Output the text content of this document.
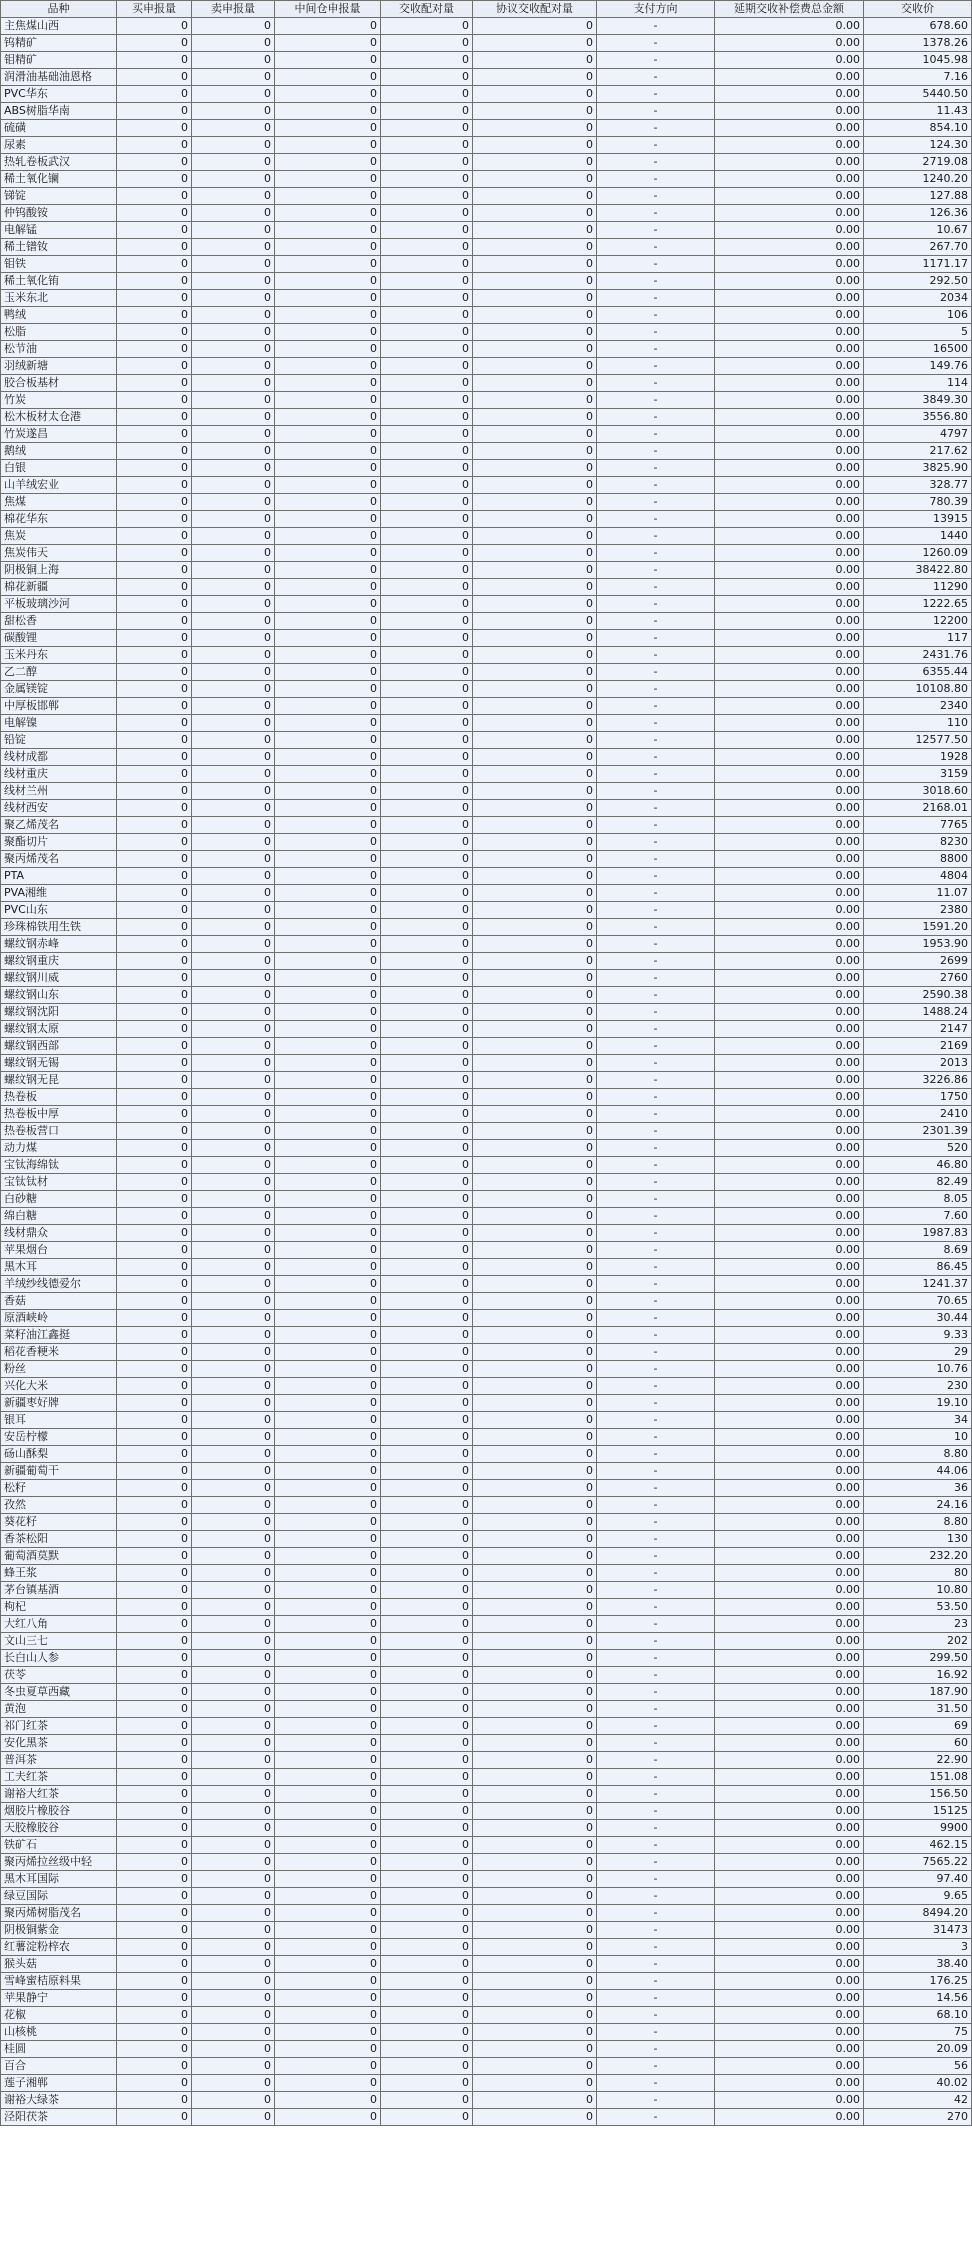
品种	买申报量	卖申报量	中间仓申报量	交收配对量	协议交收配对量	支付方向	延期交收补偿费总金额	交收价
主焦煤山西	0	0	0	0	0	-	0.00	678.60
钨精矿	0	0	0	0	0	-	0.00	1378.26
钼精矿	0	0	0	0	0	-	0.00	1045.98
润滑油基础油恩格	0	0	0	0	0	-	0.00	7.16
PVC华东	0	0	0	0	0	-	0.00	5440.50
ABS树脂华南	0	0	0	0	0	-	0.00	11.43
硫磺	0	0	0	0	0	-	0.00	854.10
尿素	0	0	0	0	0	-	0.00	124.30
热轧卷板武汉	0	0	0	0	0	-	0.00	2719.08
稀土氧化镧	0	0	0	0	0	-	0.00	1240.20
锑锭	0	0	0	0	0	-	0.00	127.88
仲钨酸铵	0	0	0	0	0	-	0.00	126.36
电解锰	0	0	0	0	0	-	0.00	10.67
稀土镨钕	0	0	0	0	0	-	0.00	267.70
钼铁	0	0	0	0	0	-	0.00	1171.17
稀土氧化铕	0	0	0	0	0	-	0.00	292.50
玉米东北	0	0	0	0	0	-	0.00	2034
鸭绒	0	0	0	0	0	-	0.00	106
松脂	0	0	0	0	0	-	0.00	5
松节油	0	0	0	0	0	-	0.00	16500
羽绒新塘	0	0	0	0	0	-	0.00	149.76
胶合板基材	0	0	0	0	0	-	0.00	114
竹炭	0	0	0	0	0	-	0.00	3849.30
松木板材太仓港	0	0	0	0	0	-	0.00	3556.80
竹炭遂昌	0	0	0	0	0	-	0.00	4797
鹅绒	0	0	0	0	0	-	0.00	217.62
白银	0	0	0	0	0	-	0.00	3825.90
山羊绒宏业	0	0	0	0	0	-	0.00	328.77
焦煤	0	0	0	0	0	-	0.00	780.39
棉花华东	0	0	0	0	0	-	0.00	13915
焦炭	0	0	0	0	0	-	0.00	1440
焦炭伟天	0	0	0	0	0	-	0.00	1260.09
阴极铜上海	0	0	0	0	0	-	0.00	38422.80
棉花新疆	0	0	0	0	0	-	0.00	11290
平板玻璃沙河	0	0	0	0	0	-	0.00	1222.65
甜松香	0	0	0	0	0	-	0.00	12200
碳酸锂	0	0	0	0	0	-	0.00	117
玉米丹东	0	0	0	0	0	-	0.00	2431.76
乙二醇	0	0	0	0	0	-	0.00	6355.44
金属镁锭	0	0	0	0	0	-	0.00	10108.80
中厚板邯郸	0	0	0	0	0	-	0.00	2340
电解镍	0	0	0	0	0	-	0.00	110
铅锭	0	0	0	0	0	-	0.00	12577.50
线材成都	0	0	0	0	0	-	0.00	1928
线材重庆	0	0	0	0	0	-	0.00	3159
线材兰州	0	0	0	0	0	-	0.00	3018.60
线材西安	0	0	0	0	0	-	0.00	2168.01
聚乙烯茂名	0	0	0	0	0	-	0.00	7765
聚酯切片	0	0	0	0	0	-	0.00	8230
聚丙烯茂名	0	0	0	0	0	-	0.00	8800
PTA	0	0	0	0	0	-	0.00	4804
PVA湘维	0	0	0	0	0	-	0.00	11.07
PVC山东	0	0	0	0	0	-	0.00	2380
珍珠棉铁用生铁	0	0	0	0	0	-	0.00	1591.20
螺纹钢赤峰	0	0	0	0	0	-	0.00	1953.90
螺纹钢重庆	0	0	0	0	0	-	0.00	2699
螺纹钢川威	0	0	0	0	0	-	0.00	2760
螺纹钢山东	0	0	0	0	0	-	0.00	2590.38
螺纹钢沈阳	0	0	0	0	0	-	0.00	1488.24
螺纹钢太原	0	0	0	0	0	-	0.00	2147
螺纹钢西部	0	0	0	0	0	-	0.00	2169
螺纹钢无锡	0	0	0	0	0	-	0.00	2013
螺纹钢无昆	0	0	0	0	0	-	0.00	3226.86
热卷板	0	0	0	0	0	-	0.00	1750
热卷板中厚	0	0	0	0	0	-	0.00	2410
热卷板营口	0	0	0	0	0	-	0.00	2301.39
动力煤	0	0	0	0	0	-	0.00	520
宝钛海绵钛	0	0	0	0	0	-	0.00	46.80
宝钛钛材	0	0	0	0	0	-	0.00	82.49
白砂糖	0	0	0	0	0	-	0.00	8.05
绵白糖	0	0	0	0	0	-	0.00	7.60
线材鼎众	0	0	0	0	0	-	0.00	1987.83
苹果烟台	0	0	0	0	0	-	0.00	8.69
黑木耳	0	0	0	0	0	-	0.00	86.45
羊绒纱线德爱尔	0	0	0	0	0	-	0.00	1241.37
香菇	0	0	0	0	0	-	0.00	70.65
原酒峡岭	0	0	0	0	0	-	0.00	30.44
菜籽油江鑫挺	0	0	0	0	0	-	0.00	9.33
稻花香粳米	0	0	0	0	0	-	0.00	29
粉丝	0	0	0	0	0	-	0.00	10.76
兴化大米	0	0	0	0	0	-	0.00	230
新疆枣好牌	0	0	0	0	0	-	0.00	19.10
银耳	0	0	0	0	0	-	0.00	34
安岳柠檬	0	0	0	0	0	-	0.00	10
砀山酥梨	0	0	0	0	0	-	0.00	8.80
新疆葡萄干	0	0	0	0	0	-	0.00	44.06
松籽	0	0	0	0	0	-	0.00	36
孜然	0	0	0	0	0	-	0.00	24.16
葵花籽	0	0	0	0	0	-	0.00	8.80
香茶松阳	0	0	0	0	0	-	0.00	130
葡萄酒莫默	0	0	0	0	0	-	0.00	232.20
蜂王浆	0	0	0	0	0	-	0.00	80
茅台镇基酒	0	0	0	0	0	-	0.00	10.80
枸杞	0	0	0	0	0	-	0.00	53.50
大红八角	0	0	0	0	0	-	0.00	23
文山三七	0	0	0	0	0	-	0.00	202
长白山人参	0	0	0	0	0	-	0.00	299.50
茯苓	0	0	0	0	0	-	0.00	16.92
冬虫夏草西藏	0	0	0	0	0	-	0.00	187.90
黄泡	0	0	0	0	0	-	0.00	31.50
祁门红茶	0	0	0	0	0	-	0.00	69
安化黑茶	0	0	0	0	0	-	0.00	60
普洱茶	0	0	0	0	0	-	0.00	22.90
工夫红茶	0	0	0	0	0	-	0.00	151.08
谢裕大红茶	0	0	0	0	0	-	0.00	156.50
烟胶片橡胶谷	0	0	0	0	0	-	0.00	15125
天胶橡胶谷	0	0	0	0	0	-	0.00	9900
铁矿石	0	0	0	0	0	-	0.00	462.15
聚丙烯拉丝级中轻	0	0	0	0	0	-	0.00	7565.22
黑木耳国际	0	0	0	0	0	-	0.00	97.40
绿豆国际	0	0	0	0	0	-	0.00	9.65
聚丙烯树脂茂名	0	0	0	0	0	-	0.00	8494.20
阴极铜紫金	0	0	0	0	0	-	0.00	31473
红薯淀粉梓农	0	0	0	0	0	-	0.00	3
猴头菇	0	0	0	0	0	-	0.00	38.40
雪峰蜜桔原料果	0	0	0	0	0	-	0.00	176.25
苹果静宁	0	0	0	0	0	-	0.00	14.56
花椒	0	0	0	0	0	-	0.00	68.10
山核桃	0	0	0	0	0	-	0.00	75
桂圆	0	0	0	0	0	-	0.00	20.09
百合	0	0	0	0	0	-	0.00	56
莲子湘郸	0	0	0	0	0	-	0.00	40.02
谢裕大绿茶	0	0	0	0	0	-	0.00	42
泾阳茯茶	0	0	0	0	0	-	0.00	270
